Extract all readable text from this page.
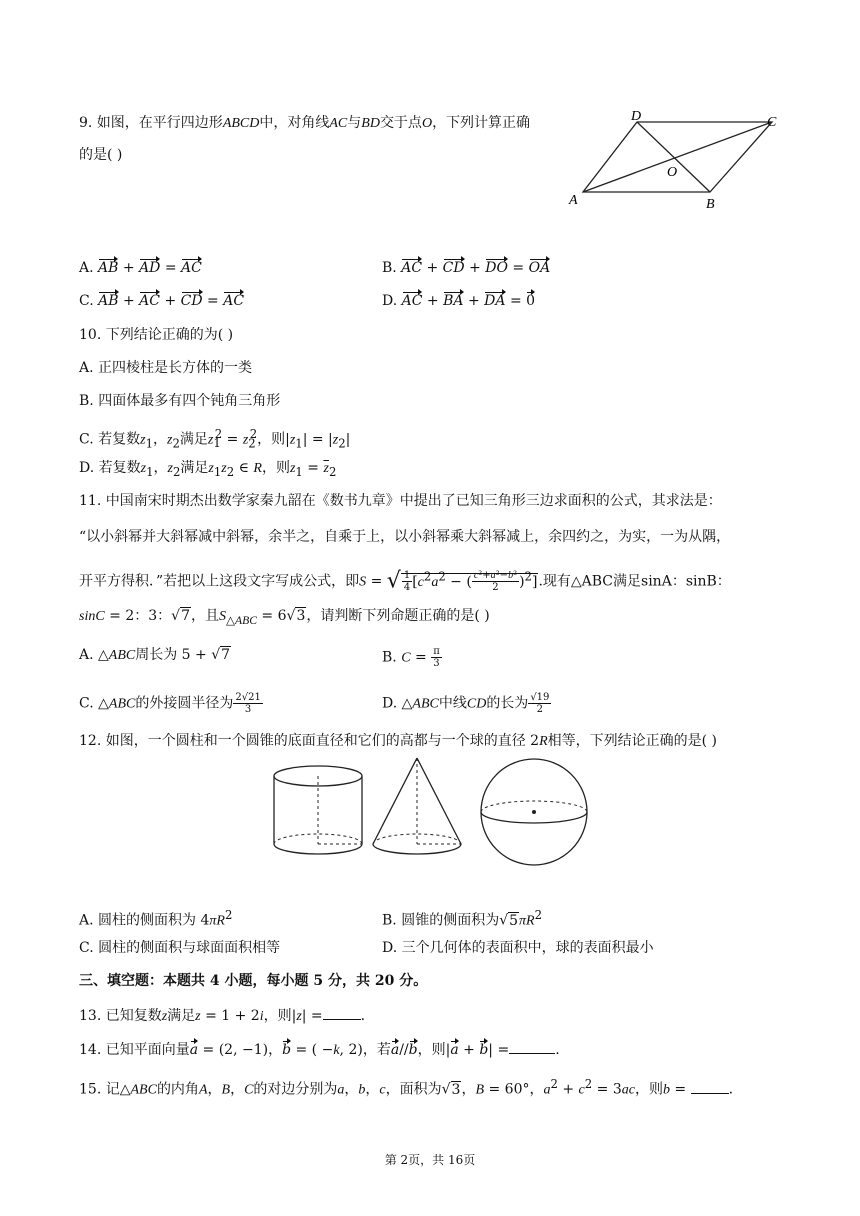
9. 如图，在平行四边形ABCD中，对角线AC与BD交于点O，下列计算正确
的是( )
D	C
O
A	B
A. AB + AD = AC	B. AC + CD + DO = OA
C. AB + AC + CD = AC	D. AC + BA + DA = 0
10. 下列结论正确的为( )
A. 正四棱柱是长方体的一类
B. 四面体最多有四个钝角三角形
C. 若复数$z_1$，$z_2$满足$z_1^2 = z_2^2$，则$|z_1| = |z_2|$
D. 若复数$z_1$，$z_2$满足$z_1z_2$ ∈ R，则$z_1 = \overline{z}_2$
11. 中国南宋时期杰出数学家秦九韶在《数书九章》中提出了已知三角形三边求面积的公式，其求法是：
“以小斜幂并大斜幂减中斜幂，余半之，自乘于上，以小斜幂乘大斜幂减上，余四约之，为实，一为从隅，
开平方得积．”若把以上这段文字写成公式，即S = √ $\frac{1}{4} [c^2a^2$ − ( $\frac{\text{c²+a²−b²}}{2} )^2$].现有△ABC满足sinA：sinB：
sinC = 2：3：√7，且$S_{\triangle ABC} = 6√3$，请判断下列命题正确的是( )
A. △ABC周长为 5 + √7	B. $C = \frac{\pi}{3}$
C. △ABC的外接圆半径为 $\frac{2√21}{3}$	D. △ABC中线CD的长为 $\frac{√19}{2}$
12. 如图，一个圆柱和一个圆锥的底面直径和它们的高都与一个球的直径 2R相等，下列结论正确的是( )
A. 圆柱的侧面积为 $4\pi R^2$	B. 圆锥的侧面积为$√5\pi R^2$
C. 圆柱的侧面积与球面面积相等	D. 三个几何体的表面积中，球的表面积最小
三、填空题：本题共 4 小题，每小题 5 分，共 20 分。
13. 已知复数z满足z = 1 + 2i，则|z| =	.
14. 已知平面向量a = (2, −1)，b = ( −k, 2)，若a//b，则|a + b| =	.
15. 记△ABC的内角A，B，C的对边分别为a，b，c，面积为√3，B = 60°，$a^2 + c^2 = 3ac$，则b =	.
第 2页，共 16页
